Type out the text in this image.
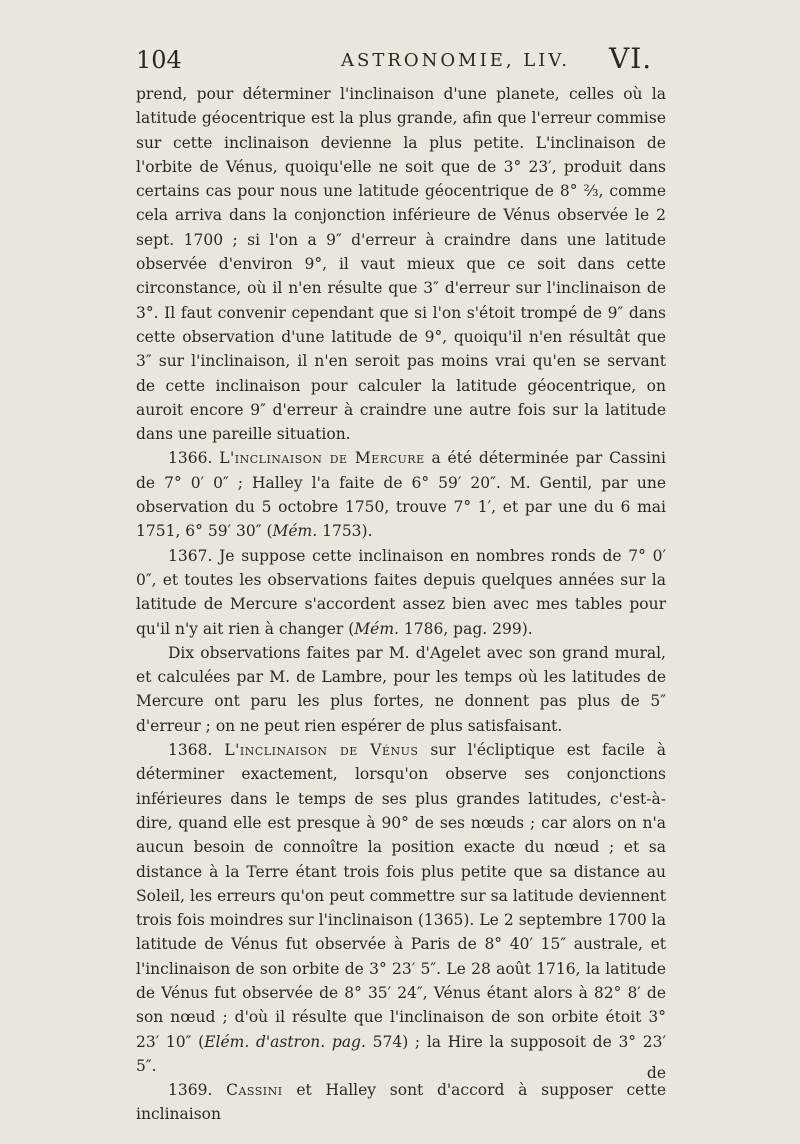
104	ASTRONOMIE, LIV. VI.

prend, pour déterminer l'inclinaison d'une planete, celles où la latitude géocentrique est la plus grande, afin que l'erreur commise sur cette inclinaison devienne la plus petite. L'inclinaison de l'orbite de Vénus, quoiqu'elle ne soit que de 3° 23′, produit dans certains cas pour nous une latitude géocentrique de 8° ⅔, comme cela arriva dans la conjonction inférieure de Vénus observée le 2 sept. 1700 ; si l'on a 9″ d'erreur à craindre dans une latitude observée d'environ 9°, il vaut mieux que ce soit dans cette circonstance, où il n'en résulte que 3″ d'erreur sur l'inclinaison de 3°. Il faut convenir cependant que si l'on s'étoit trompé de 9″ dans cette observation d'une latitude de 9°, quoiqu'il n'en résultât que 3″ sur l'inclinaison, il n'en seroit pas moins vrai qu'en se servant de cette inclinaison pour calculer la latitude géocentrique, on auroit encore 9″ d'erreur à craindre une autre fois sur la latitude dans une pareille situation.

1366. L'inclinaison de Mercure a été déterminée par Cassini de 7° 0′ 0″ ; Halley l'a faite de 6° 59′ 20″. M. Gentil, par une observation du 5 octobre 1750, trouve 7° 1′, et par une du 6 mai 1751, 6° 59′ 30″ (Mém. 1753).

1367. Je suppose cette inclinaison en nombres ronds de 7° 0′ 0″, et toutes les observations faites depuis quelques années sur la latitude de Mercure s'accordent assez bien avec mes tables pour qu'il n'y ait rien à changer (Mém. 1786, pag. 299).

Dix observations faites par M. d'Agelet avec son grand mural, et calculées par M. de Lambre, pour les temps où les latitudes de Mercure ont paru les plus fortes, ne donnent pas plus de 5″ d'erreur ; on ne peut rien espérer de plus satisfaisant.

1368. L'inclinaison de Vénus sur l'écliptique est facile à déterminer exactement, lorsqu'on observe ses conjonctions inférieures dans le temps de ses plus grandes latitudes, c'est-à-dire, quand elle est presque à 90° de ses nœuds ; car alors on n'a aucun besoin de connoître la position exacte du nœud ; et sa distance à la Terre étant trois fois plus petite que sa distance au Soleil, les erreurs qu'on peut commettre sur sa latitude deviennent trois fois moindres sur l'inclinaison (1365). Le 2 septembre 1700 la latitude de Vénus fut observée à Paris de 8° 40′ 15″ australe, et l'inclinaison de son orbite de 3° 23′ 5″. Le 28 août 1716, la latitude de Vénus fut observée de 8° 35′ 24″, Vénus étant alors à 82° 8′ de son nœud ; d'où il résulte que l'inclinaison de son orbite étoit 3° 23′ 10″ (Elém. d'astron. pag. 574) ; la Hire la supposoit de 3° 23′ 5″.

1369. Cassini et Halley sont d'accord à supposer cette inclinaison

de
